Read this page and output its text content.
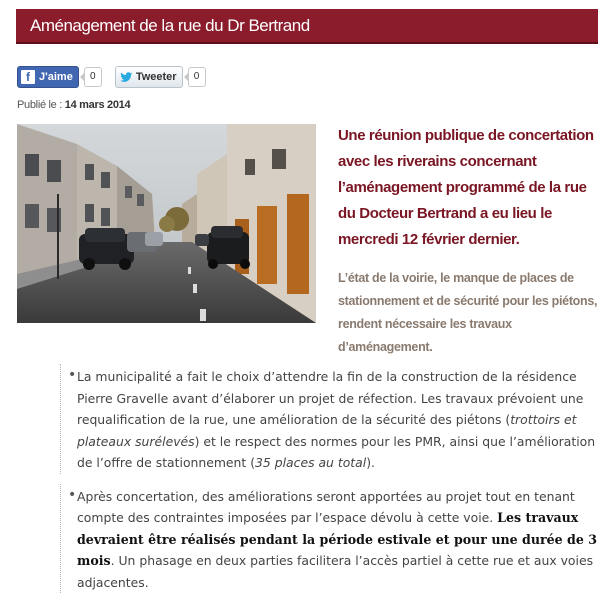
Aménagement de la rue du Dr Bertrand
f J'aime	0	Tweeter	0
Publié le : 14 mars 2014
Une réunion publique de concertation avec les riverains concernant l’aménagement programmé de la rue du Docteur Bertrand a eu lieu le mercredi 12 février dernier.
L’état de la voirie, le manque de places de stationnement et de sécurité pour les piétons, rendent nécessaire les travaux d’aménagement.
• La municipalité a fait le choix d’attendre la fin de la construction de la résidence Pierre Gravelle avant d’élaborer un projet de réfection. Les travaux prévoient une requalification de la rue, une amélioration de la sécurité des piétons (trottoirs et plateaux surélevés) et le respect des normes pour les PMR, ainsi que l’amélioration de l’offre de stationnement (35 places au total).
• Après concertation, des améliorations seront apportées au projet tout en tenant compte des contraintes imposées par l’espace dévolu à cette voie. Les travaux devraient être réalisés pendant la période estivale et pour une durée de 3 mois. Un phasage en deux parties facilitera l’accès partiel à cette rue et aux voies adjacentes.
